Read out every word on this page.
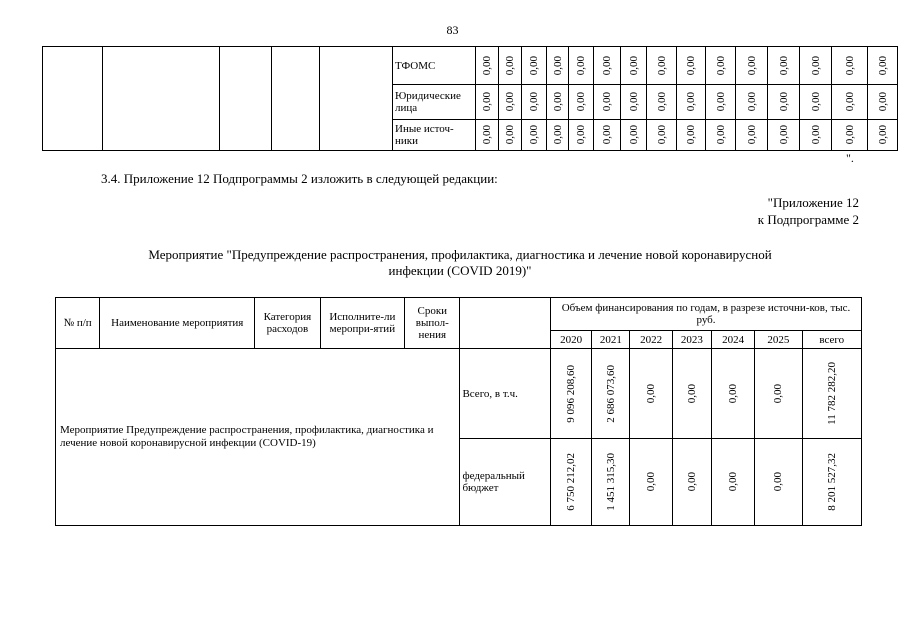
83
					ТФОМС	0,00	0,00	0,00	0,00	0,00	0,00	0,00	0,00	0,00	0,00	0,00	0,00	0,00	0,00	0,00

					Юридические лица	0,00	0,00	0,00	0,00	0,00	0,00	0,00	0,00	0,00	0,00	0,00	0,00	0,00	0,00	0,00

					Иные источ-ники	0,00	0,00	0,00	0,00	0,00	0,00	0,00	0,00	0,00	0,00	0,00	0,00	0,00	0,00	0,00
".
3.4. Приложение 12 Подпрограммы 2 изложить в следующей редакции:
"Приложение 12
к Подпрограмме 2
Мероприятие "Предупреждение распространения, профилактика, диагностика и лечение новой коронавирусной
инфекции (COVID 2019)"
№ п/п	Наименование мероприятия	Категория расходов	Исполните-ли меропри-ятий	Сроки выпол-нения		Объем финансирования по годам, в разрезе источни-ков, тыс. руб.						
						2020	2021	2022	2023	2024	2025	всего
Мероприятие Предупреждение распространения, профилактика, диагностика и лечение новой коронавирусной инфекции (COVID-19)					Всего, в т.ч.	9 096 208,60	2 686 073,60	0,00	0,00	0,00	0,00	11 782 282,20

					федеральный бюджет	6 750 212,02	1 451 315,30	0,00	0,00	0,00	0,00	8 201 527,32
